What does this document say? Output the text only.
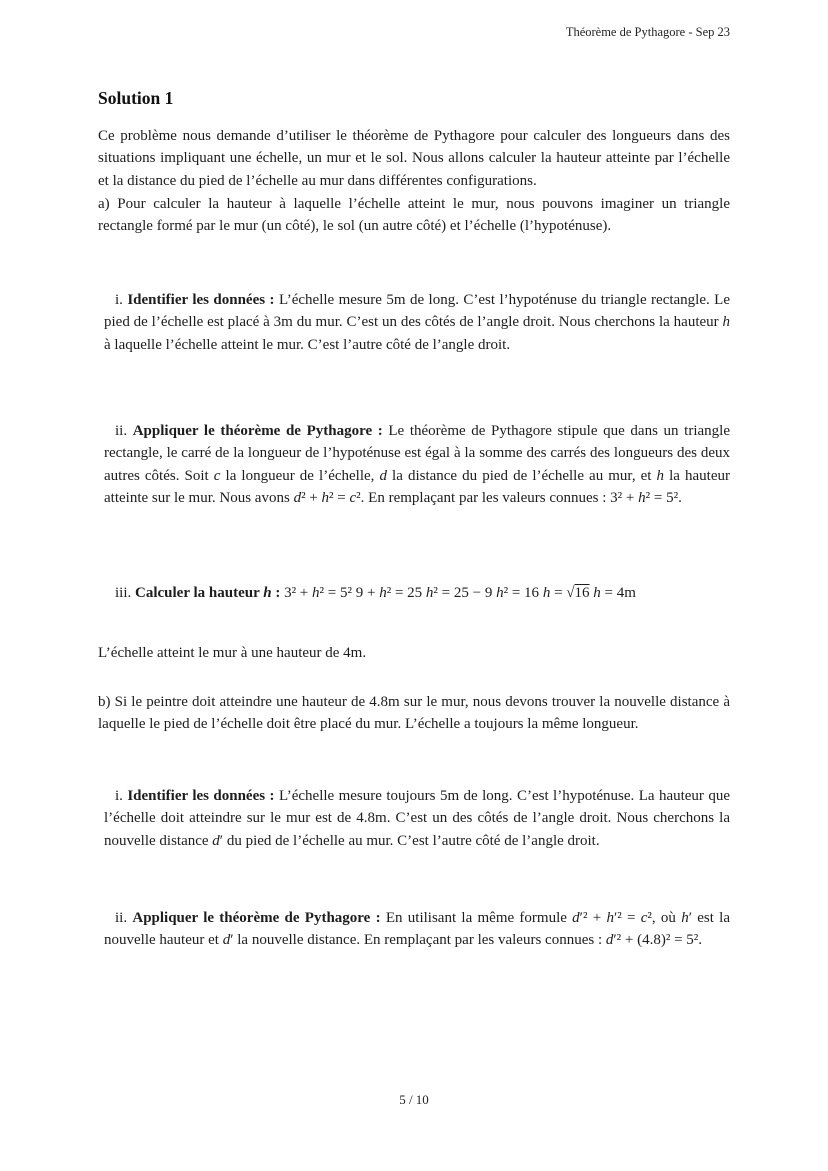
Théorème de Pythagore - Sep 23
Solution 1

Ce problème nous demande d’utiliser le théorème de Pythagore pour calculer des longueurs dans des situations impliquant une échelle, un mur et le sol. Nous allons calculer la hauteur atteinte par l’échelle et la distance du pied de l’échelle au mur dans différentes configurations.

a) Pour calculer la hauteur à laquelle l’échelle atteint le mur, nous pouvons imaginer un triangle rectangle formé par le mur (un côté), le sol (un autre côté) et l’échelle (l’hypoténuse).

i. Identifier les données : L’échelle mesure 5m de long. C’est l’hypoténuse du triangle rectangle. Le pied de l’échelle est placé à 3m du mur. C’est un des côtés de l’angle droit. Nous cherchons la hauteur h à laquelle l’échelle atteint le mur. C’est l’autre côté de l’angle droit.

ii. Appliquer le théorème de Pythagore : Le théorème de Pythagore stipule que dans un triangle rectangle, le carré de la longueur de l’hypoténuse est égal à la somme des carrés des longueurs des deux autres côtés. Soit c la longueur de l’échelle, d la distance du pied de l’échelle au mur, et h la hauteur atteinte sur le mur. Nous avons d² + h² = c². En remplaçant par les valeurs connues : 3² + h² = 5².

iii. Calculer la hauteur h : 3² + h² = 5² 9 + h² = 25 h² = 25 − 9 h² = 16 h = √16 h = 4m

L’échelle atteint le mur à une hauteur de 4m.

b) Si le peintre doit atteindre une hauteur de 4.8m sur le mur, nous devons trouver la nouvelle distance à laquelle le pied de l’échelle doit être placé du mur. L’échelle a toujours la même longueur.

i. Identifier les données : L’échelle mesure toujours 5m de long. C’est l’hypoténuse. La hauteur que l’échelle doit atteindre sur le mur est de 4.8m. C’est un des côtés de l’angle droit. Nous cherchons la nouvelle distance d′ du pied de l’échelle au mur. C’est l’autre côté de l’angle droit.

ii. Appliquer le théorème de Pythagore : En utilisant la même formule d′² + h′² = c², où h′ est la nouvelle hauteur et d′ la nouvelle distance. En remplaçant par les valeurs connues : d′² + (4.8)² = 5².

5 / 10
